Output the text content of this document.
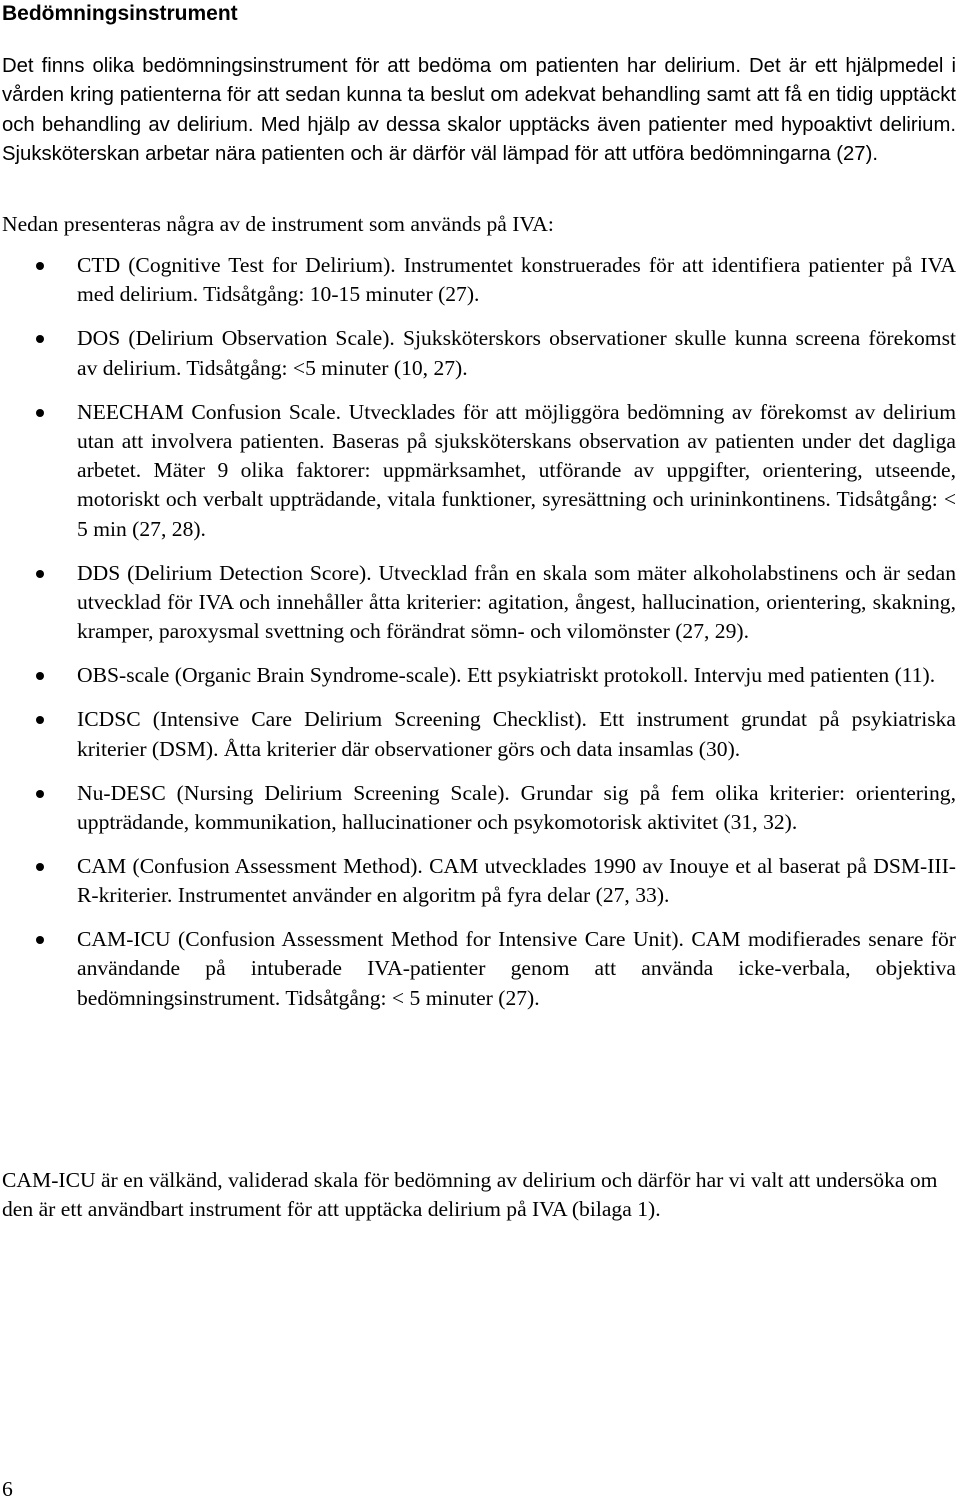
Bedömningsinstrument

Det finns olika bedömningsinstrument för att bedöma om patienten har delirium. Det är ett hjälpmedel i vården kring patienterna för att sedan kunna ta beslut om adekvat behandling samt att få en tidig upptäckt och behandling av delirium. Med hjälp av dessa skalor upptäcks även patienter med hypoaktivt delirium. Sjuksköterskan arbetar nära patienten och är därför väl lämpad för att utföra bedömningarna (27).

Nedan presenteras några av de instrument som används på IVA:

CTD (Cognitive Test for Delirium). Instrumentet konstruerades för att identifiera patienter på IVA med delirium. Tidsåtgång: 10-15 minuter (27).
DOS (Delirium Observation Scale). Sjuksköterskors observationer skulle kunna screena förekomst av delirium. Tidsåtgång: <5 minuter (10, 27).
NEECHAM Confusion Scale. Utvecklades för att möjliggöra bedömning av förekomst av delirium utan att involvera patienten. Baseras på sjuksköterskans observation av patienten under det dagliga arbetet. Mäter 9 olika faktorer: uppmärksamhet, utförande av uppgifter, orientering, utseende, motoriskt och verbalt uppträdande, vitala funktioner, syresättning och urininkontinens. Tidsåtgång: < 5 min (27, 28).
DDS (Delirium Detection Score). Utvecklad från en skala som mäter alkoholabstinens och är sedan utvecklad för IVA och innehåller åtta kriterier: agitation, ångest, hallucination, orientering, skakning, kramper, paroxysmal svettning och förändrat sömn- och vilomönster (27, 29).
OBS-scale (Organic Brain Syndrome-scale). Ett psykiatriskt protokoll. Intervju med patienten (11).
ICDSC (Intensive Care Delirium Screening Checklist). Ett instrument grundat på psykiatriska kriterier (DSM). Åtta kriterier där observationer görs och data insamlas (30).
Nu-DESC (Nursing Delirium Screening Scale). Grundar sig på fem olika kriterier: orientering, uppträdande, kommunikation, hallucinationer och psykomotorisk aktivitet (31, 32).
CAM (Confusion Assessment Method). CAM utvecklades 1990 av Inouye et al baserat på DSM-III-R-kriterier. Instrumentet använder en algoritm på fyra delar (27, 33).
CAM-ICU (Confusion Assessment Method for Intensive Care Unit). CAM modifierades senare för användande på intuberade IVA-patienter genom att använda icke-verbala, objektiva bedömningsinstrument. Tidsåtgång: < 5 minuter (27).

CAM-ICU är en välkänd, validerad skala för bedömning av delirium och därför har vi valt att undersöka om den är ett användbart instrument för att upptäcka delirium på IVA (bilaga 1).

6
